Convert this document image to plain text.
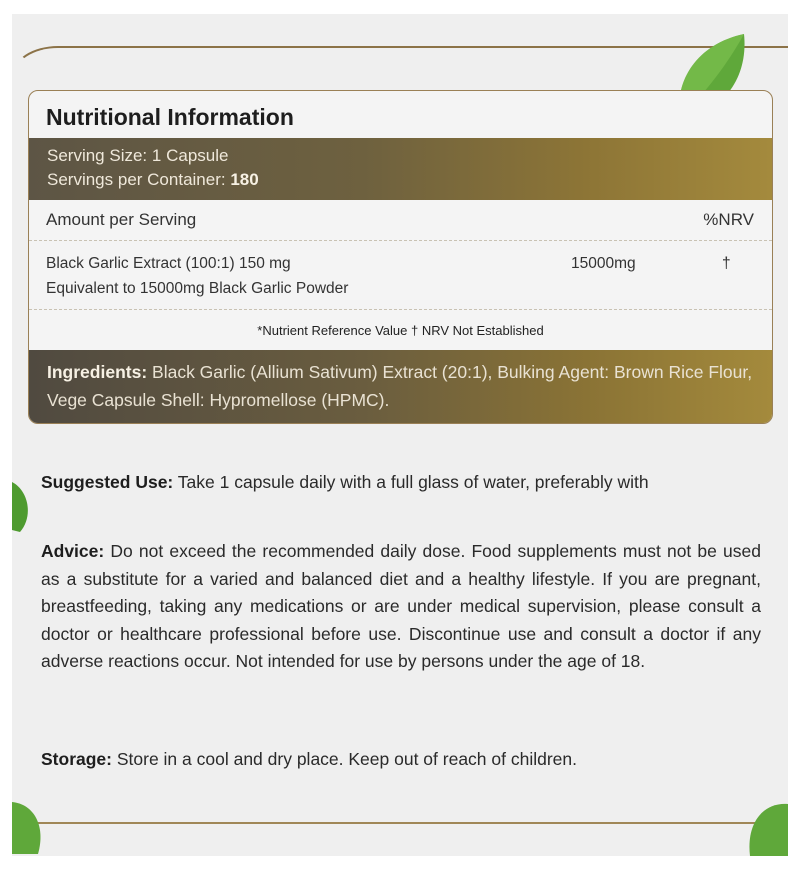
Nutritional Information
Serving Size: 1 Capsule
Servings per Container: 180
Amount per Serving	%NRV
Black Garlic Extract (100:1) 150 mg
Equivalent to 15000mg Black Garlic Powder
15000mg	†
*Nutrient Reference Value † NRV Not Established
Ingredients: Black Garlic (Allium Sativum) Extract (20:1), Bulking Agent: Brown Rice Flour, Vege Capsule Shell: Hypromellose (HPMC).
Suggested Use: Take 1 capsule daily with a full glass of water, preferably with
Advice: Do not exceed the recommended daily dose. Food supplements must not be used as a substitute for a varied and balanced diet and a healthy lifestyle. If you are pregnant, breastfeeding, taking any medications or are under medical supervision, please consult a doctor or healthcare professional before use. Discontinue use and consult a doctor if any adverse reactions occur. Not intended for use by persons under the age of 18.
Storage: Store in a cool and dry place. Keep out of reach of children.
